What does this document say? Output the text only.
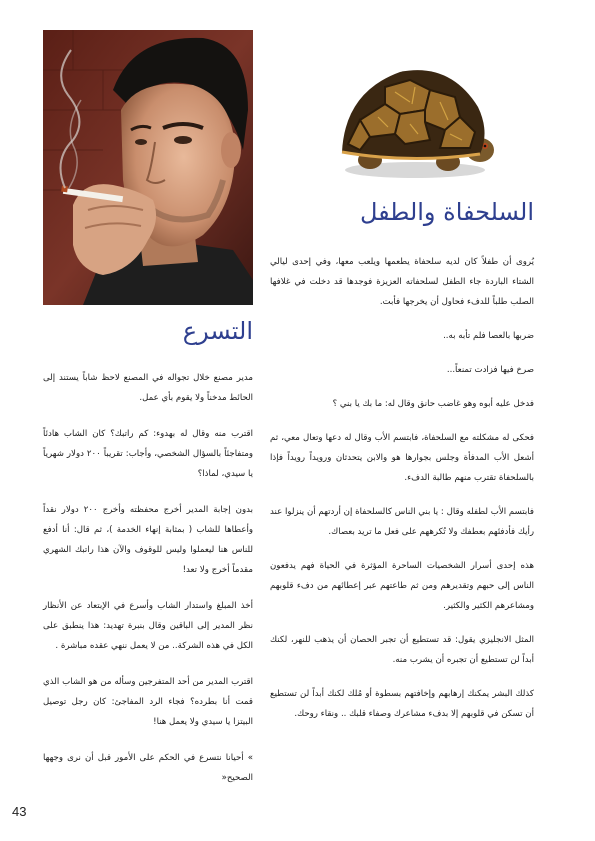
السلحفاة والطفل

يُروى أن طفلاً كان لديه سلحفاة يطعمها ويلعب معها، وفي إحدى ليالي الشتاء الباردة جاء الطفل لسلحفاته العزيزة فوجدها قد دخلت في غلافها الصلب طلباً للدفء فحاول أن يخرجها فأبت.

ضربها بالعصا فلم تأبه به..

صرخ فيها فزادت تمنعاً...

فدخل عليه أبوه وهو غاضب حانق وقال له: ما بك يا بني ؟

فحكى له مشكلته مع السلحفاة، فابتسم الأب وقال له دعها وتعال معي، ثم أشعل الأب المدفأة وجلس بجوارها هو والابن يتحدثان ورويداً رويداً فإذا بالسلحفاة تقترب منهم طالبة الدفء.

فابتسم الأب لطفله وقال : يا بني الناس كالسلحفاة إن أردتهم أن ينزلوا عند رأيك فأدفئهم بعطفك ولا تُكرههم على فعل ما تريد بعصاك.

هذه إحدى أسرار الشخصيات الساحرة المؤثرة في الحياة فهم يدفعون الناس إلى حبهم وتقديرهم ومن ثم طاعتهم عبر إعطائهم من دفء قلوبهم ومشاعرهم الكثير والكثير.

المثل الانجليزي يقول: قد تستطيع أن تجبر الحصان أن يذهب للنهر، لكنك أبداً لن تستطيع أن تجبره أن يشرب منه.

كذلك البشر يمكنك إرهابهم وإخافتهم بسطوة أو مُلك لكنك أبداً لن تستطيع أن تسكن في قلوبهم إلا بدفء مشاعرك وصفاء قلبك .. ونقاء روحك.

التسرع

مدير مصنع خلال تجواله في المصنع لاحظ شاباً يستند إلى الحائط مدخناً ولا يقوم بأي عمل.

اقترب منه وقال له بهدوء: كم راتبك؟ كان الشاب هادئاً ومتفاجئاً بالسؤال الشخصي، وأجاب: تقريباً ٢٠٠ دولار شهرياً يا سيدي، لماذا؟

بدون إجابة المدير أخرج محفظته وأخرج ٢٠٠ دولار نقداً وأعطاها للشاب ( بمثابة إنهاء الخدمة )، ثم قال: أنا أدفع للناس هنا ليعملوا وليس للوقوف والآن هذا راتبك الشهري مقدماً أخرج ولا تعد!

أخذ المبلغ واستدار الشاب وأسرع في الإبتعاد عن الأنظار نظر المدير إلى الباقين وقال بنبرة تهديد: هذا ينطبق على الكل في هذه الشركة.. من لا يعمل ننهي عقده مباشرة .

اقترب المدير من أحد المتفرجين وسأله من هو الشاب الذي قمت أنا بطرده؟ فجاء الرد المفاجئ: كان رجل توصيل البيتزا يا سيدي ولا يعمل هنا!

» أحيانا نتسرع في الحكم على الأمور قبل أن نرى وجهها الصحيح«

43
